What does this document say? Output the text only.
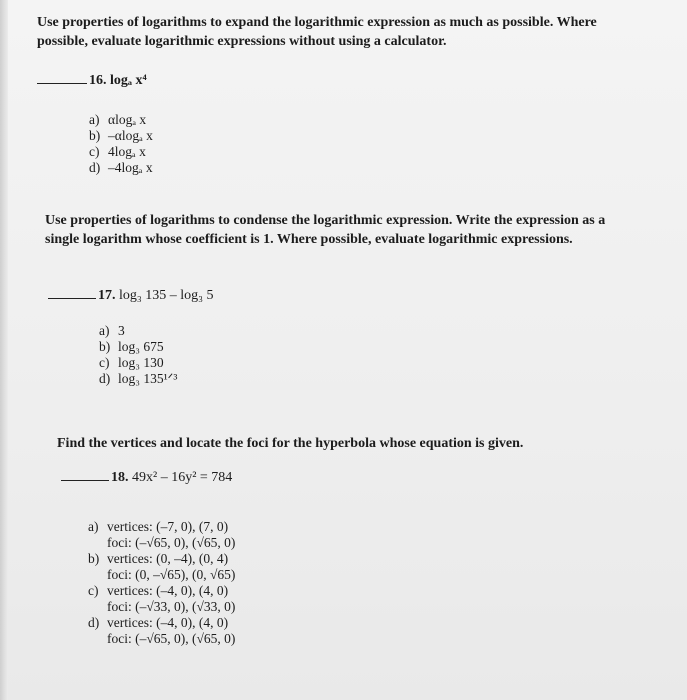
Use properties of logarithms to expand the logarithmic expression as much as possible. Where possible, evaluate logarithmic expressions without using a calculator.
16. logₐ x⁴
a) αlogₐ x
b) –αlogₐ x
c) 4logₐ x
d) –4logₐ x
Use properties of logarithms to condense the logarithmic expression. Write the expression as a single logarithm whose coefficient is 1. Where possible, evaluate logarithmic expressions.
17. log₃ 135 – log₃ 5
a) 3
b) log₃ 675
c) log₃ 130
d) log₃ 135¹ᐟ³
Find the vertices and locate the foci for the hyperbola whose equation is given.
18. 49x² – 16y² = 784
a) vertices: (–7, 0), (7, 0)
foci: (–√65, 0), (√65, 0)
b) vertices: (0, –4), (0, 4)
foci: (0, –√65), (0, √65)
c) vertices: (–4, 0), (4, 0)
foci: (–√33, 0), (√33, 0)
d) vertices: (–4, 0), (4, 0)
foci: (–√65, 0), (√65, 0)
